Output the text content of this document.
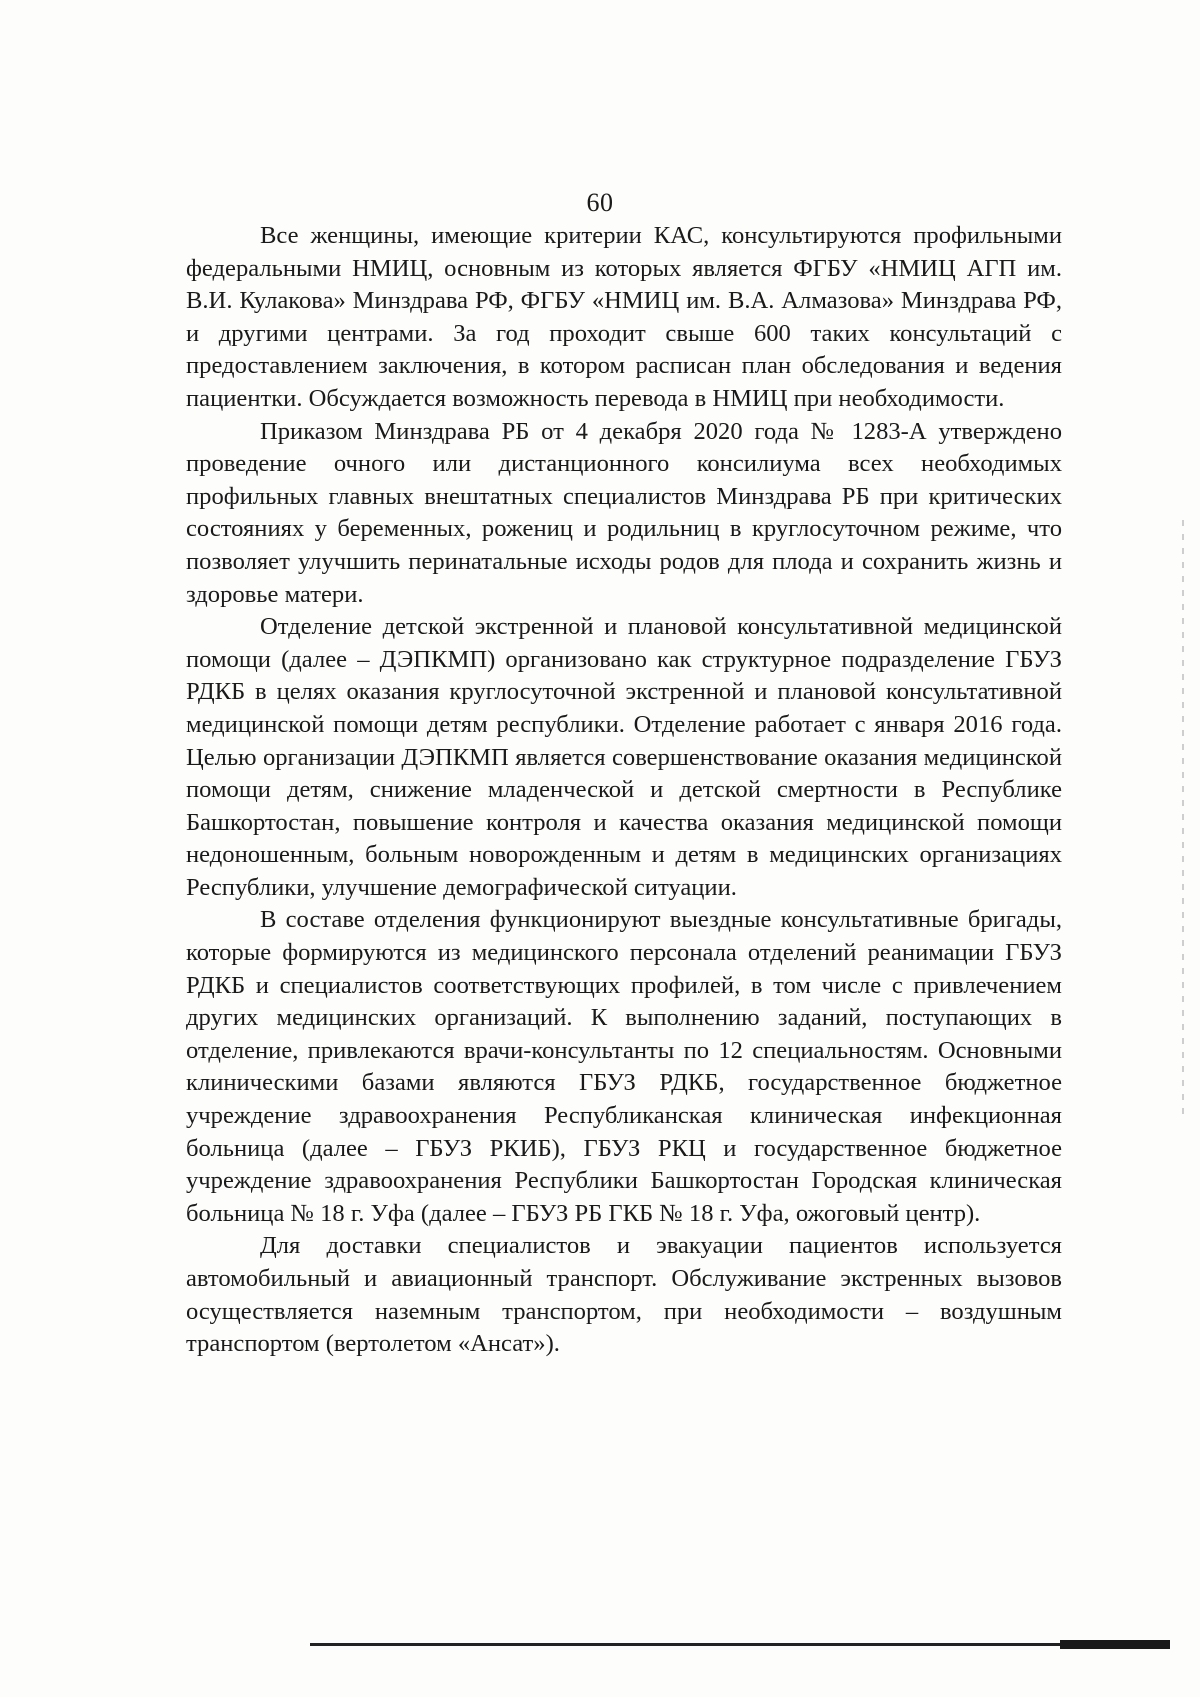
60

Все женщины, имеющие критерии КАС, консультируются профильными федеральными НМИЦ, основным из которых является ФГБУ «НМИЦ АГП им. В.И. Кулакова» Минздрава РФ, ФГБУ «НМИЦ им. В.А. Алмазова» Минздрава РФ, и другими центрами. За год проходит свыше 600 таких консультаций с предоставлением заключения, в котором расписан план обследования и ведения пациентки. Обсуждается возможность перевода в НМИЦ при необходимости.

Приказом Минздрава РБ от 4 декабря 2020 года № 1283-А утверждено проведение очного или дистанционного консилиума всех необходимых профильных главных внештатных специалистов Минздрава РБ при критических состояниях у беременных, рожениц и родильниц в круглосуточном режиме, что позволяет улучшить перинатальные исходы родов для плода и сохранить жизнь и здоровье матери.

Отделение детской экстренной и плановой консультативной медицинской помощи (далее – ДЭПКМП) организовано как структурное подразделение ГБУЗ РДКБ в целях оказания круглосуточной экстренной и плановой консультативной медицинской помощи детям республики. Отделение работает с января 2016 года. Целью организации ДЭПКМП является совершенствование оказания медицинской помощи детям, снижение младенческой и детской смертности в Республике Башкортостан, повышение контроля и качества оказания медицинской помощи недоношенным, больным новорожденным и детям в медицинских организациях Республики, улучшение демографической ситуации.

В составе отделения функционируют выездные консультативные бригады, которые формируются из медицинского персонала отделений реанимации ГБУЗ РДКБ и специалистов соответствующих профилей, в том числе с привлечением других медицинских организаций. К выполнению заданий, поступающих в отделение, привлекаются врачи-консультанты по 12 специальностям. Основными клиническими базами являются ГБУЗ РДКБ, государственное бюджетное учреждение здравоохранения Республиканская клиническая инфекционная больница (далее – ГБУЗ РКИБ), ГБУЗ РКЦ и государственное бюджетное учреждение здравоохранения Республики Башкортостан Городская клиническая больница № 18 г. Уфа (далее – ГБУЗ РБ ГКБ № 18 г. Уфа, ожоговый центр).

Для доставки специалистов и эвакуации пациентов используется автомобильный и авиационный транспорт. Обслуживание экстренных вызовов осуществляется наземным транспортом, при необходимости – воздушным транспортом (вертолетом «Ансат»).
